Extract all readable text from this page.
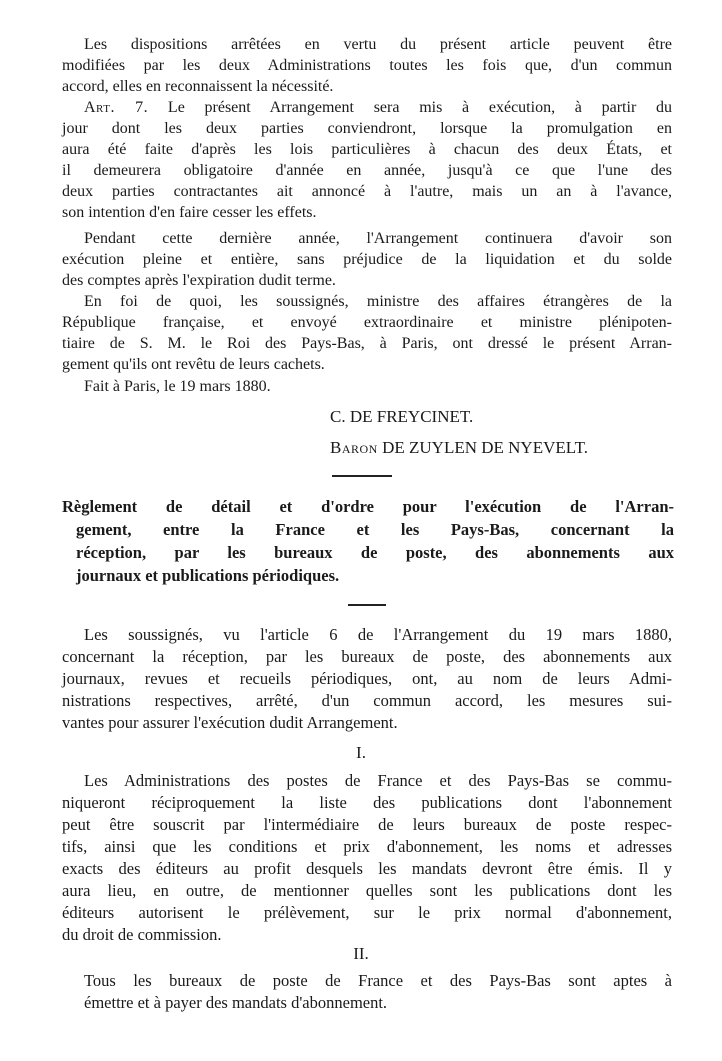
Les dispositions arrêtées en vertu du présent article peuvent être
modifiées par les deux Administrations toutes les fois que, d'un commun
accord, elles en reconnaissent la nécessité.
Art. 7. Le présent Arrangement sera mis à exécution, à partir du
jour dont les deux parties conviendront, lorsque la promulgation en
aura été faite d'après les lois particulières à chacun des deux États, et
il demeurera obligatoire d'année en année, jusqu'à ce que l'une des
deux parties contractantes ait annoncé à l'autre, mais un an à l'avance,
son intention d'en faire cesser les effets.
Pendant cette dernière année, l'Arrangement continuera d'avoir son
exécution pleine et entière, sans préjudice de la liquidation et du solde
des comptes après l'expiration dudit terme.
En foi de quoi, les soussignés, ministre des affaires étrangères de la
République française, et envoyé extraordinaire et ministre plénipoten-
tiaire de S. M. le Roi des Pays-Bas, à Paris, ont dressé le présent Arran-
gement qu'ils ont revêtu de leurs cachets.
Fait à Paris, le 19 mars 1880.
C. DE FREYCINET.
Baron DE ZUYLEN DE NYEVELT.
Règlement de détail et d'ordre pour l'exécution de l'Arran-
gement, entre la France et les Pays-Bas, concernant la
réception, par les bureaux de poste, des abonnements aux
journaux et publications périodiques.
Les soussignés, vu l'article 6 de l'Arrangement du 19 mars 1880,
concernant la réception, par les bureaux de poste, des abonnements aux
journaux, revues et recueils périodiques, ont, au nom de leurs Admi-
nistrations respectives, arrêté, d'un commun accord, les mesures sui-
vantes pour assurer l'exécution dudit Arrangement.
I.
Les Administrations des postes de France et des Pays-Bas se commu-
niqueront réciproquement la liste des publications dont l'abonnement
peut être souscrit par l'intermédiaire de leurs bureaux de poste respec-
tifs, ainsi que les conditions et prix d'abonnement, les noms et adresses
exacts des éditeurs au profit desquels les mandats devront être émis. Il y
aura lieu, en outre, de mentionner quelles sont les publications dont les
éditeurs autorisent le prélèvement, sur le prix normal d'abonnement,
du droit de commission.
II.
Tous les bureaux de poste de France et des Pays-Bas sont aptes à
émettre et à payer des mandats d'abonnement.
